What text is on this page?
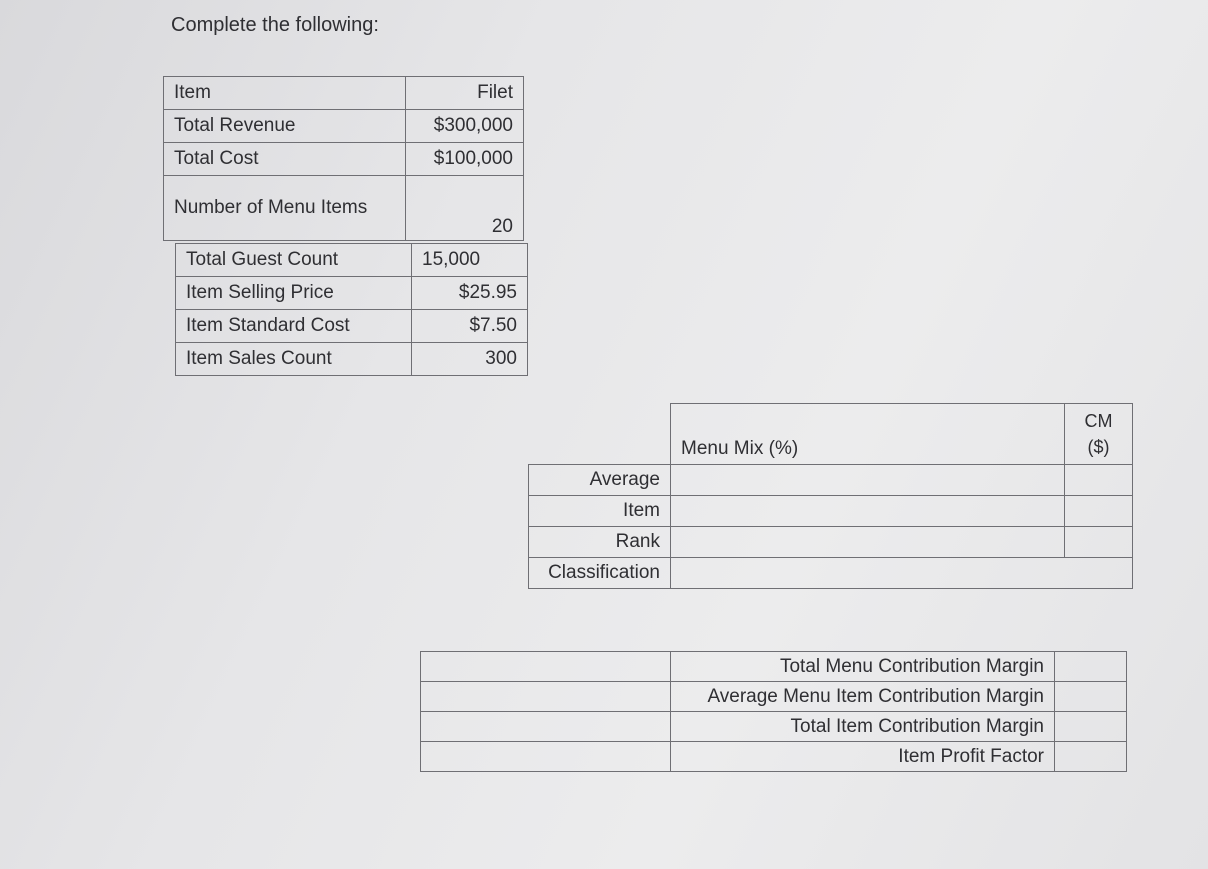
Complete the following:
Item	Filet
Total Revenue	$300,000
Total Cost	$100,000
Number of Menu Items	20
Total Guest Count	15,000
Item Selling Price	$25.95
Item Standard Cost	$7.50
Item Sales Count	300
	Menu Mix (%)	CM ($)
Average		
Item		
Rank		
Classification		
	Total Menu Contribution Margin	
	Average Menu Item Contribution Margin	
	Total Item Contribution Margin	
	Item Profit Factor	
